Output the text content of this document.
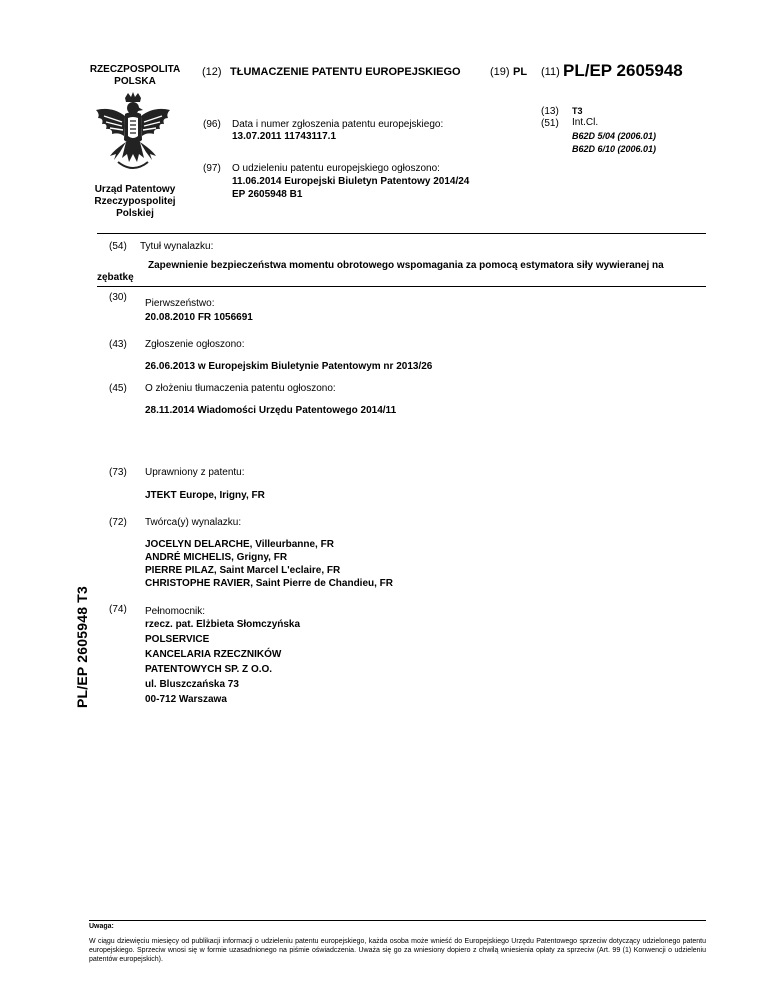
RZECZPOSPOLITA
POLSKA
Urząd Patentowy
Rzeczypospolitej
Polskiej
(12) TŁUMACZENIE PATENTU EUROPEJSKIEGO	(19) PL (11) PL/EP 2605948
(13) T3
(51) Int.Cl.
B62D 5/04 (2006.01)
B62D 6/10 (2006.01)
(96) Data i numer zgłoszenia patentu europejskiego:
13.07.2011 11743117.1
(97) O udzieleniu patentu europejskiego ogłoszono:
11.06.2014 Europejski Biuletyn Patentowy 2014/24
EP 2605948 B1
(54) Tytuł wynalazku:
Zapewnienie bezpieczeństwa momentu obrotowego wspomagania za pomocą estymatora siły wywieranej na
zębatkę
PL/EP 2605948 T3
(30)
Pierwszeństwo:
20.08.2010 FR 1056691
(43) Zgłoszenie ogłoszono:
26.06.2013 w Europejskim Biuletynie Patentowym nr 2013/26
(45) O złożeniu tłumaczenia patentu ogłoszono:
28.11.2014 Wiadomości Urzędu Patentowego 2014/11
(73) Uprawniony z patentu:
JTEKT Europe, Irigny, FR
(72) Twórca(y) wynalazku:
JOCELYN DELARCHE, Villeurbanne, FR
ANDRÉ MICHELIS, Grigny, FR
PIERRE PILAZ, Saint Marcel L'eclaire, FR
CHRISTOPHE RAVIER, Saint Pierre de Chandieu, FR
(74) Pełnomocnik:
rzecz. pat. Elżbieta Słomczyńska
POLSERVICE
KANCELARIA RZECZNIKÓW
PATENTOWYCH SP. Z O.O.
ul. Bluszczańska 73
00-712 Warszawa
Uwaga:
W ciągu dziewięciu miesięcy od publikacji informacji o udzieleniu patentu europejskiego, każda osoba może wnieść do Europejskiego Urzędu Patentowego sprzeciw dotyczący udzielonego patentu europejskiego. Sprzeciw wnosi się w formie uzasadnionego na piśmie oświadczenia. Uważa się go za wniesiony dopiero z chwilą wniesienia opłaty za sprzeciw (Art. 99 (1) Konwencji o udzieleniu patentów europejskich).
